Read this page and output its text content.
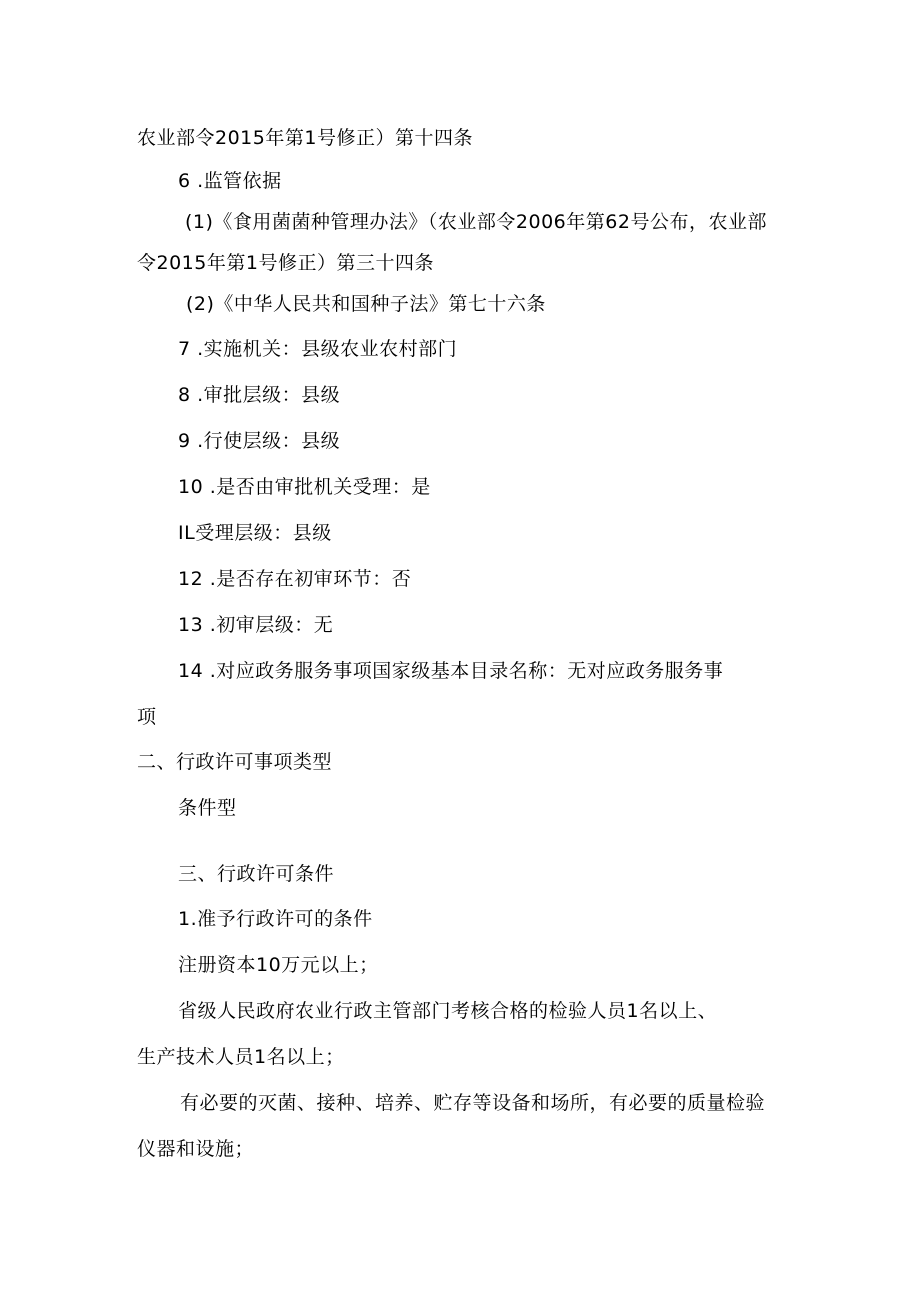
农业部令2015年第1号修正）第十四条
6 .监管依据
(1)《食用菌菌种管理办法》（农业部令2006年第62号公布，农业部
令2015年第1号修正）第三十四条
(2)《中华人民共和国种子法》第七十六条
7 .实施机关：县级农业农村部门
8 .审批层级：县级
9 .行使层级：县级
10 .是否由审批机关受理：是
IL受理层级：县级
12 .是否存在初审环节：否
13 .初审层级：无
14 .对应政务服务事项国家级基本目录名称：无对应政务服务事
项
二、行政许可事项类型
条件型
三、行政许可条件
1.准予行政许可的条件
注册资本10万元以上；
省级人民政府农业行政主管部门考核合格的检验人员1名以上、
生产技术人员1名以上；
有必要的灭菌、接种、培养、贮存等设备和场所，有必要的质量检验
仪器和设施；
